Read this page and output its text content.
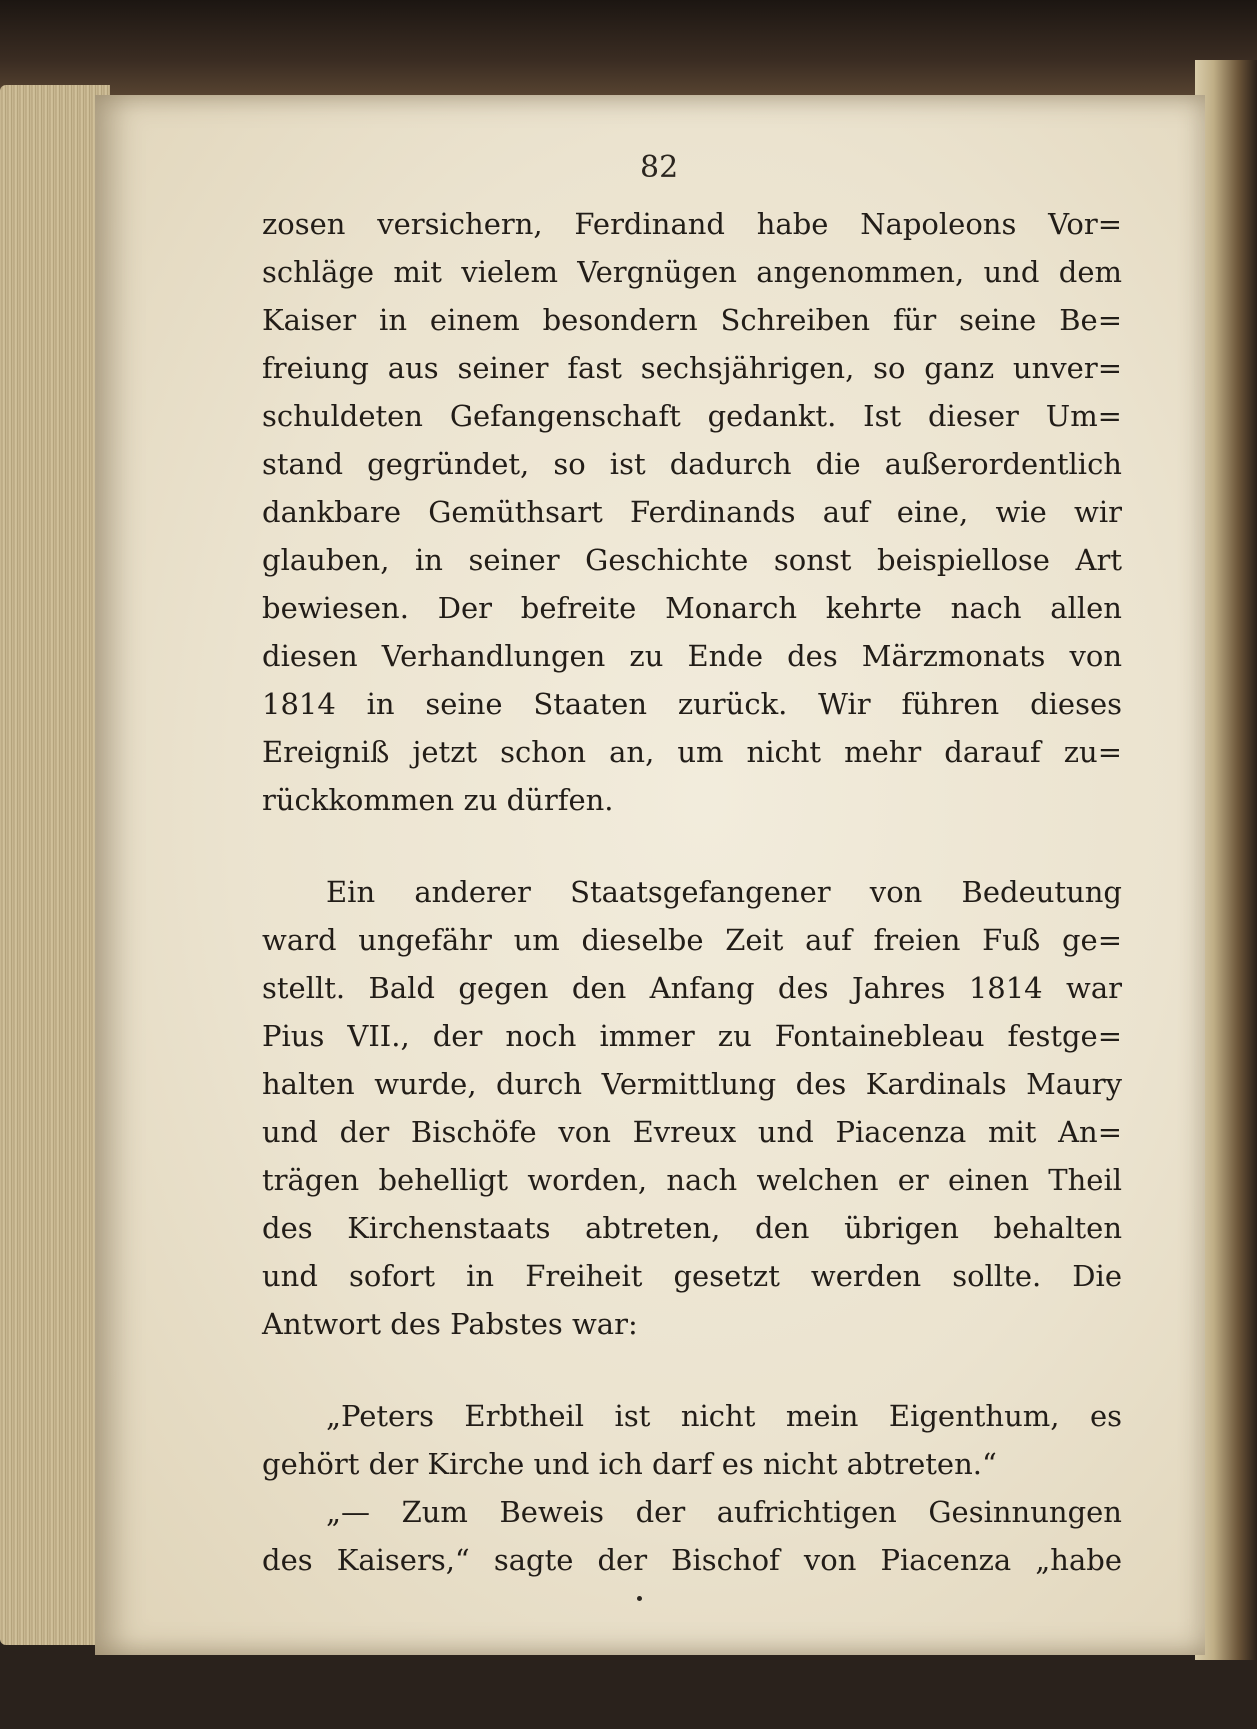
82
zosen versichern, Ferdinand habe Napoleons Vor=
schläge mit vielem Vergnügen angenommen, und dem
Kaiser in einem besondern Schreiben für seine Be=
freiung aus seiner fast sechsjährigen, so ganz unver=
schuldeten Gefangenschaft gedankt. Ist dieser Um=
stand gegründet, so ist dadurch die außerordentlich
dankbare Gemüthsart Ferdinands auf eine, wie wir
glauben, in seiner Geschichte sonst beispiellose Art
bewiesen. Der befreite Monarch kehrte nach allen
diesen Verhandlungen zu Ende des Märzmonats von
1814 in seine Staaten zurück. Wir führen dieses
Ereigniß jetzt schon an, um nicht mehr darauf zu=
rückkommen zu dürfen.
Ein anderer Staatsgefangener von Bedeutung
ward ungefähr um dieselbe Zeit auf freien Fuß ge=
stellt. Bald gegen den Anfang des Jahres 1814 war
Pius VII., der noch immer zu Fontainebleau festge=
halten wurde, durch Vermittlung des Kardinals Maury
und der Bischöfe von Evreux und Piacenza mit An=
trägen behelligt worden, nach welchen er einen Theil
des Kirchenstaats abtreten, den übrigen behalten
und sofort in Freiheit gesetzt werden sollte. Die
Antwort des Pabstes war:
„Peters Erbtheil ist nicht mein Eigenthum, es
gehört der Kirche und ich darf es nicht abtreten.“
„— Zum Beweis der aufrichtigen Gesinnungen
des Kaisers,“ sagte der Bischof von Piacenza „habe
